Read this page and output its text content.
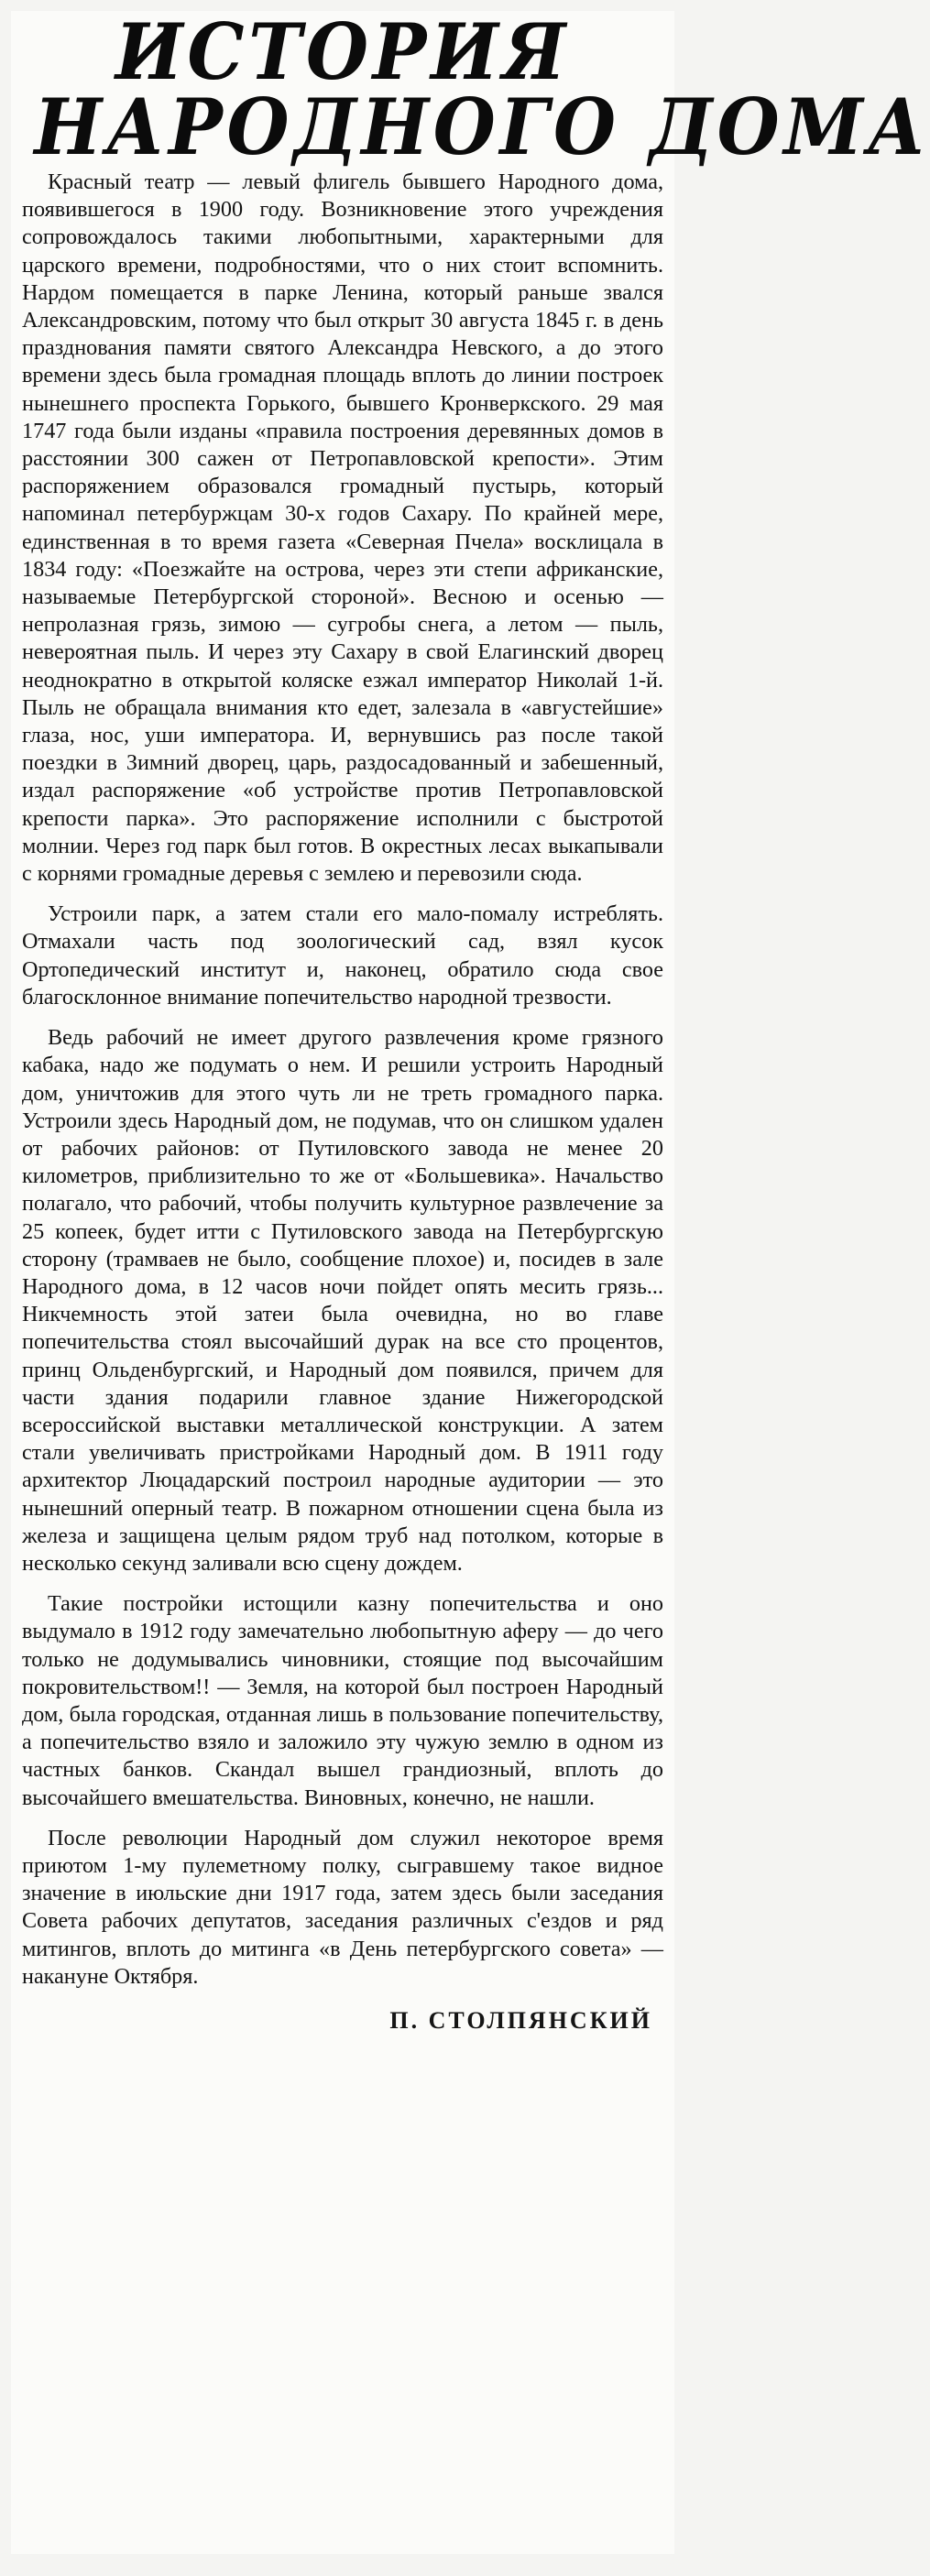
ИСТОРИЯ
НАРОДНОГО ДОМА

Красный театр — левый флигель бывшего Народного дома, появившегося в 1900 году. Возникновение этого учреждения сопровождалось такими любопытными, характерными для царского времени, подробностями, что о них стоит вспомнить. Нардом помещается в парке Ленина, который раньше звался Александровским, потому что был открыт 30 августа 1845 г. в день празднования памяти святого Александра Невского, а до этого времени здесь была громадная площадь вплоть до линии построек нынешнего проспекта Горького, бывшего Кронверкского. 29 мая 1747 года были изданы «правила построения деревянных домов в расстоянии 300 сажен от Петропавловской крепости». Этим распоряжением образовался громадный пустырь, который напоминал петербуржцам 30-х годов Сахару. По крайней мере, единственная в то время газета «Северная Пчела» восклицала в 1834 году: «Поезжайте на острова, через эти степи африканские, называемые Петербургской стороной». Весною и осенью — непролазная грязь, зимою — сугробы снега, а летом — пыль, невероятная пыль. И через эту Сахару в свой Елагинский дворец неоднократно в открытой коляске езжал император Николай 1-й. Пыль не обращала внимания кто едет, залезала в «августейшие» глаза, нос, уши императора. И, вернувшись раз после такой поездки в Зимний дворец, царь, раздосадованный и забешенный, издал распоряжение «об устройстве против Петропавловской крепости парка». Это распоряжение исполнили с быстротой молнии. Через год парк был готов. В окрестных лесах выкапывали с корнями громадные деревья с землею и перевозили сюда.

Устроили парк, а затем стали его мало-помалу истреблять. Отмахали часть под зоологический сад, взял кусок Ортопедический институт и, наконец, обратило сюда свое благосклонное внимание попечительство народной трезвости.

Ведь рабочий не имеет другого развлечения кроме грязного кабака, надо же подумать о нем. И решили устроить Народный дом, уничтожив для этого чуть ли не треть громадного парка. Устроили здесь Народный дом, не подумав, что он слишком удален от рабочих районов: от Путиловского завода не менее 20 километров, приблизительно то же от «Большевика». Начальство полагало, что рабочий, чтобы получить культурное развлечение за 25 копеек, будет итти с Путиловского завода на Петербургскую сторону (трамваев не было, сообщение плохое) и, посидев в зале Народного дома, в 12 часов ночи пойдет опять месить грязь... Никчемность этой затеи была очевидна, но во главе попечительства стоял высочайший дурак на все сто процентов, принц Ольденбургский, и Народный дом появился, причем для части здания подарили главное здание Нижегородской всероссийской выставки металлической конструкции. А затем стали увеличивать пристройками Народный дом. В 1911 году архитектор Люцадарский построил народные аудитории — это нынешний оперный театр. В пожарном отношении сцена была из железа и защищена целым рядом труб над потолком, которые в несколько секунд заливали всю сцену дождем.

Такие постройки истощили казну попечительства и оно выдумало в 1912 году замечательно любопытную аферу — до чего только не додумывались чиновники, стоящие под высочайшим покровительством!! — Земля, на которой был построен Народный дом, была городская, отданная лишь в пользование попечительству, а попечительство взяло и заложило эту чужую землю в одном из частных банков. Скандал вышел грандиозный, вплоть до высочайшего вмешательства. Виновных, конечно, не нашли.

После революции Народный дом служил некоторое время приютом 1-му пулеметному полку, сыгравшему такое видное значение в июльские дни 1917 года, затем здесь были заседания Совета рабочих депутатов, заседания различных с'ездов и ряд митингов, вплоть до митинга «в День петербургского совета» — накануне Октября.

П. СТОЛПЯНСКИЙ
